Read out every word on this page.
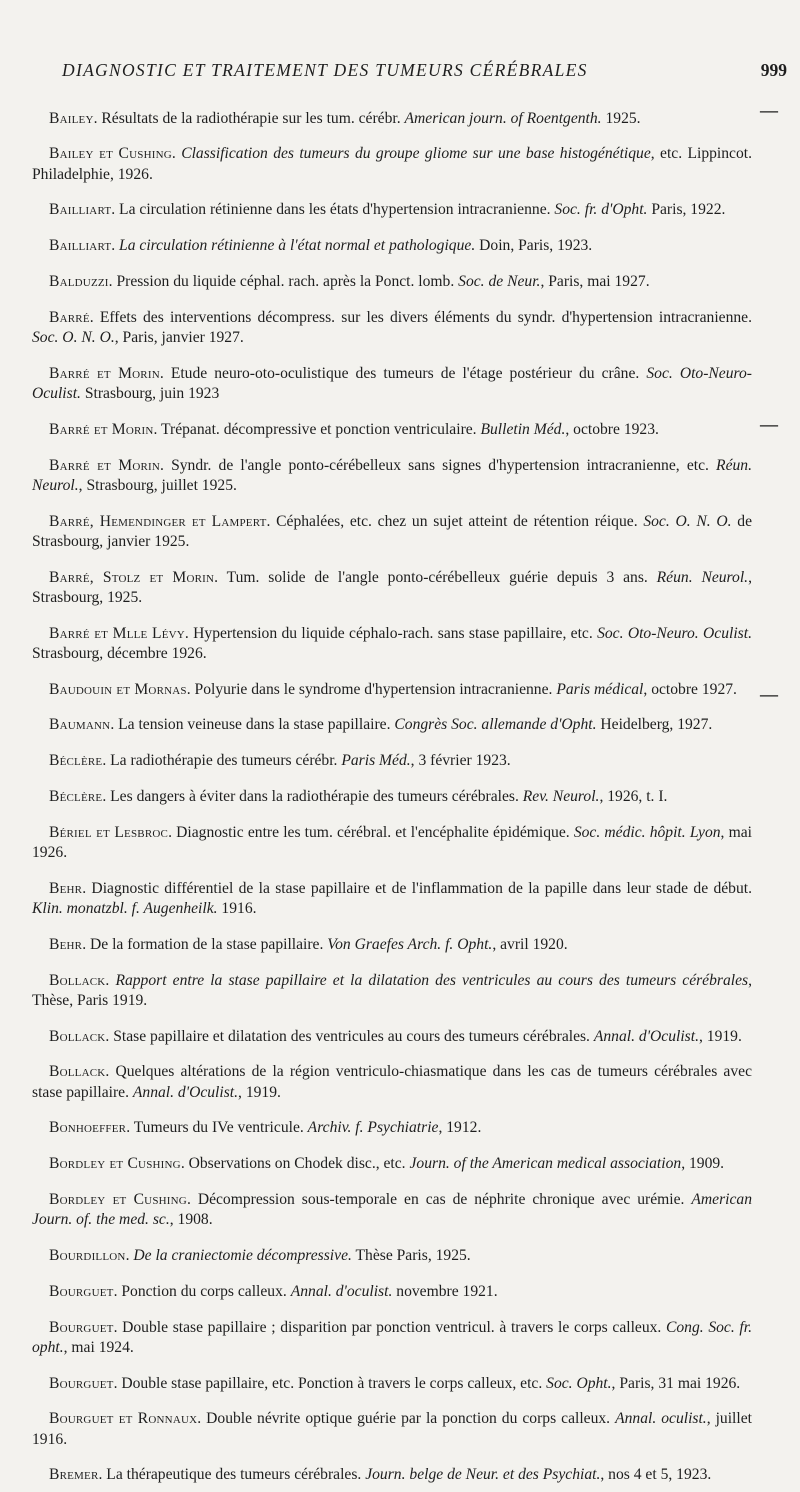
DIAGNOSTIC ET TRAITEMENT DES TUMEURS CÉRÉBRALES	999

Bailey. Résultats de la radiothérapie sur les tum. cérébr. American journ. of Roentgenth. 1925.

Bailey et Cushing. Classification des tumeurs du groupe gliome sur une base histogénétique, etc. Lippincot. Philadelphie, 1926.

Bailliart. La circulation rétinienne dans les états d'hypertension intracranienne. Soc. fr. d'Opht. Paris, 1922.

Bailliart. La circulation rétinienne à l'état normal et pathologique. Doin, Paris, 1923.

Balduzzi. Pression du liquide céphal. rach. après la Ponct. lomb. Soc. de Neur., Paris, mai 1927.

Barré. Effets des interventions décompress. sur les divers éléments du syndr. d'hypertension intracranienne. Soc. O. N. O., Paris, janvier 1927.

Barré et Morin. Etude neuro-oto-oculistique des tumeurs de l'étage postérieur du crâne. Soc. Oto-Neuro-Oculist. Strasbourg, juin 1923

Barré et Morin. Trépanat. décompressive et ponction ventriculaire. Bulletin Méd., octobre 1923.

Barré et Morin. Syndr. de l'angle ponto-cérébelleux sans signes d'hypertension intracranienne, etc. Réun. Neurol., Strasbourg, juillet 1925.

Barré, Hemendinger et Lampert. Céphalées, etc. chez un sujet atteint de rétention réique. Soc. O. N. O. de Strasbourg, janvier 1925.

Barré, Stolz et Morin. Tum. solide de l'angle ponto-cérébelleux guérie depuis 3 ans. Réun. Neurol., Strasbourg, 1925.

Barré et Mlle Lévy. Hypertension du liquide céphalo-rach. sans stase papillaire, etc. Soc. Oto-Neuro. Oculist. Strasbourg, décembre 1926.

Baudouin et Mornas. Polyurie dans le syndrome d'hypertension intracranienne. Paris médical, octobre 1927.

Baumann. La tension veineuse dans la stase papillaire. Congrès Soc. allemande d'Opht. Heidelberg, 1927.

Béclère. La radiothérapie des tumeurs cérébr. Paris Méd., 3 février 1923.

Béclère. Les dangers à éviter dans la radiothérapie des tumeurs cérébrales. Rev. Neurol., 1926, t. I.

Bériel et Lesbroc. Diagnostic entre les tum. cérébral. et l'encéphalite épidémique. Soc. médic. hôpit. Lyon, mai 1926.

Behr. Diagnostic différentiel de la stase papillaire et de l'inflammation de la papille dans leur stade de début. Klin. monatzbl. f. Augenheilk. 1916.

Behr. De la formation de la stase papillaire. Von Graefes Arch. f. Opht., avril 1920.

Bollack. Rapport entre la stase papillaire et la dilatation des ventricules au cours des tumeurs cérébrales, Thèse, Paris 1919.

Bollack. Stase papillaire et dilatation des ventricules au cours des tumeurs cérébrales. Annal. d'Oculist., 1919.

Bollack. Quelques altérations de la région ventriculo-chiasmatique dans les cas de tumeurs cérébrales avec stase papillaire. Annal. d'Oculist., 1919.

Bonhoeffer. Tumeurs du IVe ventricule. Archiv. f. Psychiatrie, 1912.

Bordley et Cushing. Observations on Chodek disc., etc. Journ. of the American medical association, 1909.

Bordley et Cushing. Décompression sous-temporale en cas de néphrite chronique avec urémie. American Journ. of. the med. sc., 1908.

Bourdillon. De la craniectomie décompressive. Thèse Paris, 1925.

Bourguet. Ponction du corps calleux. Annal. d'oculist. novembre 1921.

Bourguet. Double stase papillaire ; disparition par ponction ventricul. à travers le corps calleux. Cong. Soc. fr. opht., mai 1924.

Bourguet. Double stase papillaire, etc. Ponction à travers le corps calleux, etc. Soc. Opht., Paris, 31 mai 1926.

Bourguet et Ronnaux. Double névrite optique guérie par la ponction du corps calleux. Annal. oculist., juillet 1916.

Bremer. La thérapeutique des tumeurs cérébrales. Journ. belge de Neur. et des Psychiat., nos 4 et 5, 1923.

—
—
—
